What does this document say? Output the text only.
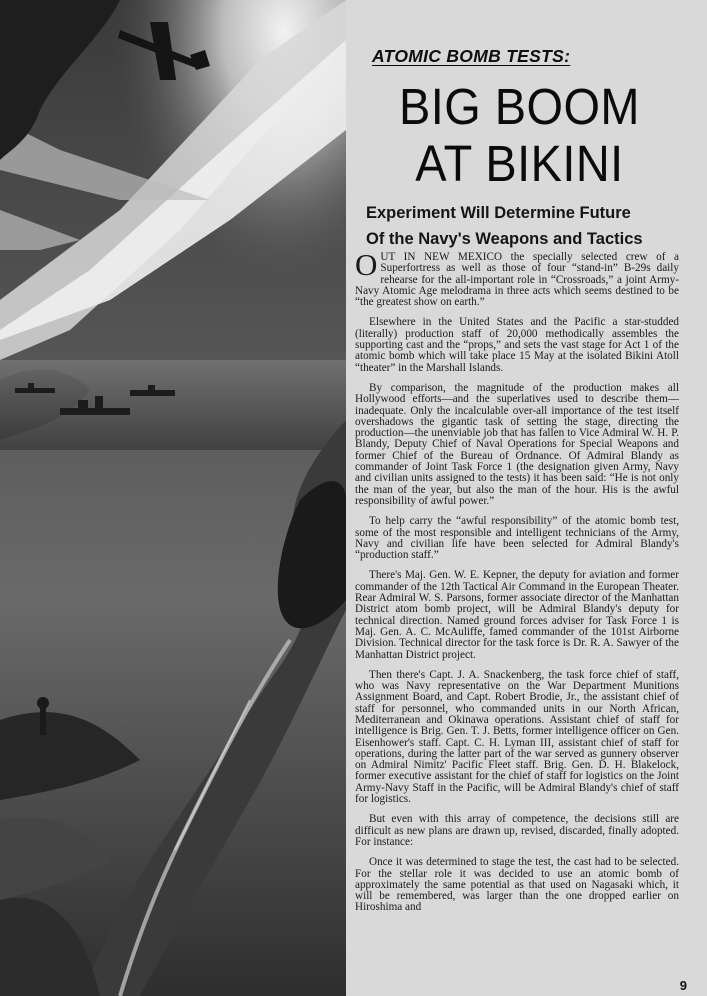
ATOMIC BOMB TESTS:
BIG BOOM
AT BIKINI
Experiment Will Determine Future
Of the Navy's Weapons and Tactics

OUT IN NEW MEXICO the specially selected crew of a Superfortress as well as those of four “stand-in” B-29s daily rehearse for the all-important role in “Crossroads,” a joint Army-Navy Atomic Age melodrama in three acts which seems destined to be “the greatest show on earth.”

Elsewhere in the United States and the Pacific a star-studded (literally) production staff of 20,000 methodically assembles the supporting cast and the “props,” and sets the vast stage for Act 1 of the atomic bomb which will take place 15 May at the isolated Bikini Atoll “theater” in the Marshall Islands.

By comparison, the magnitude of the production makes all Hollywood efforts—and the superlatives used to describe them—inadequate. Only the incalculable over-all importance of the test itself overshadows the gigantic task of setting the stage, directing the production—the unenviable job that has fallen to Vice Admiral W. H. P. Blandy, Deputy Chief of Naval Operations for Special Weapons and former Chief of the Bureau of Ordnance. Of Admiral Blandy as commander of Joint Task Force 1 (the designation given Army, Navy and civilian units assigned to the tests) it has been said: “He is not only the man of the year, but also the man of the hour. His is the awful responsibility of awful power.”

To help carry the “awful responsibility” of the atomic bomb test, some of the most responsible and intelligent technicians of the Army, Navy and civilian life have been selected for Admiral Blandy's “production staff.”

There's Maj. Gen. W. E. Kepner, the deputy for aviation and former commander of the 12th Tactical Air Command in the European Theater. Rear Admiral W. S. Parsons, former associate director of the Manhattan District atom bomb project, will be Admiral Blandy's deputy for technical direction. Named ground forces adviser for Task Force 1 is Maj. Gen. A. C. McAuliffe, famed commander of the 101st Airborne Division. Technical director for the task force is Dr. R. A. Sawyer of the Manhattan District project.

Then there's Capt. J. A. Snackenberg, the task force chief of staff, who was Navy representative on the War Department Munitions Assignment Board, and Capt. Robert Brodie, Jr., the assistant chief of staff for personnel, who commanded units in our North African, Mediterranean and Okinawa operations. Assistant chief of staff for intelligence is Brig. Gen. T. J. Betts, former intelligence officer on Gen. Eisenhower's staff. Capt. C. H. Lyman III, assistant chief of staff for operations, during the latter part of the war served as gunnery observer on Admiral Nimitz' Pacific Fleet staff. Brig. Gen. D. H. Blakelock, former executive assistant for the chief of staff for logistics on the Joint Army-Navy Staff in the Pacific, will be Admiral Blandy's chief of staff for logistics.

But even with this array of competence, the decisions still are difficult as new plans are drawn up, revised, discarded, finally adopted. For instance:

Once it was determined to stage the test, the cast had to be selected. For the stellar role it was decided to use an atomic bomb of approximately the same potential as that used on Nagasaki which, it will be remembered, was larger than the one dropped earlier on Hiroshima and

9
